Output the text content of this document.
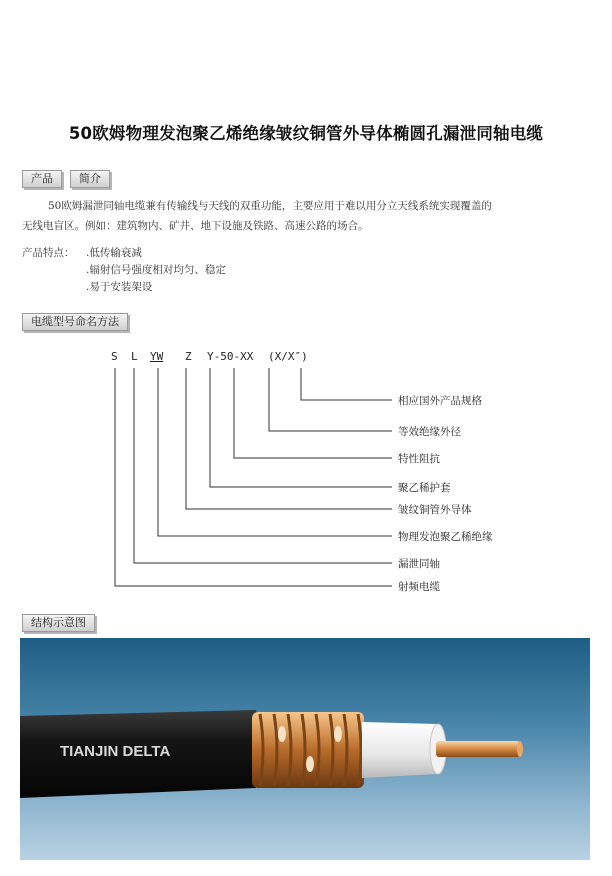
50欧姆物理发泡聚乙烯绝缘皱纹铜管外导体椭圆孔漏泄同轴电缆
产品	简介
50欧姆漏泄同轴电缆兼有传输线与天线的双重功能，主要应用于难以用分立天线系统实现覆盖的
无线电盲区。例如：建筑物内、矿井、地下设施及铁路、高速公路的场合。
产品特点： .低传输衰减
.辐射信号强度相对均匀、稳定
.易于安装架设
电缆型号命名方法
S L YW Z Y-50-XX (X/X″)
相应国外产品规格
等效绝缘外径
特性阻抗
聚乙稀护套
皱纹铜管外导体
物理发泡聚乙稀绝缘
漏泄同轴
射频电缆
结构示意图
TIANJIN DELTA
